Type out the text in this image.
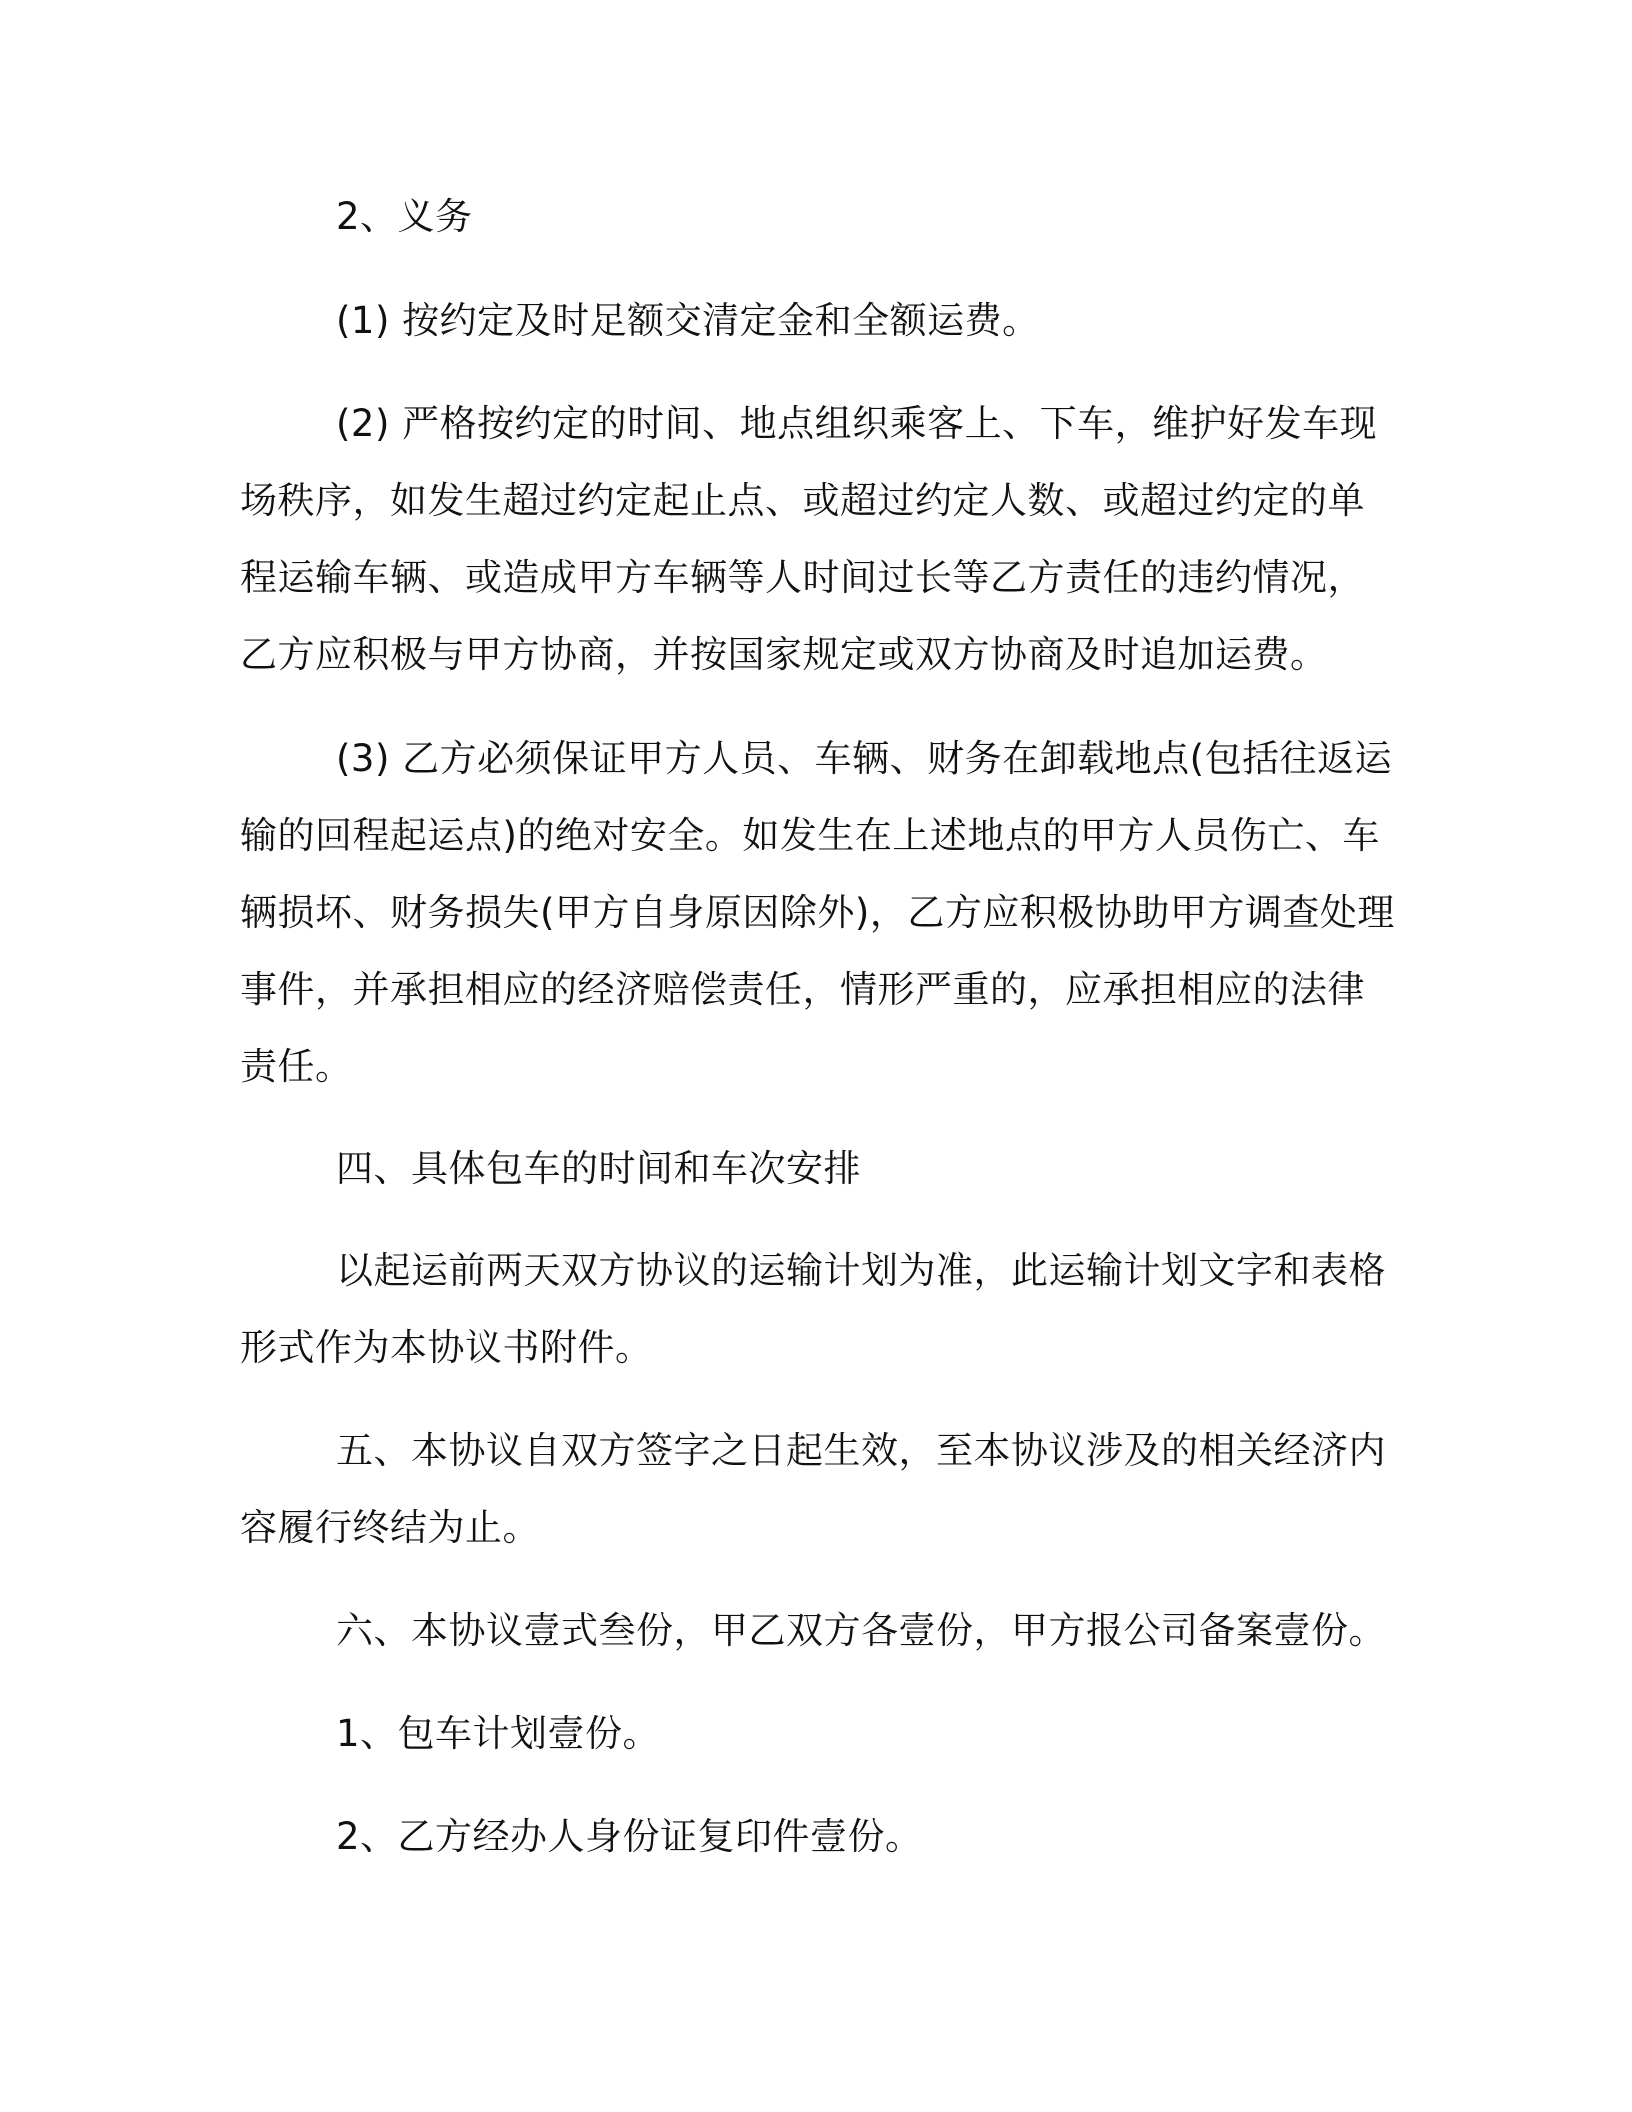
2、义务
(1) 按约定及时足额交清定金和全额运费。
(2) 严格按约定的时间、地点组织乘客上、下车，维护好发车现
场秩序，如发生超过约定起止点、或超过约定人数、或超过约定的单
程运输车辆、或造成甲方车辆等人时间过长等乙方责任的违约情况，
乙方应积极与甲方协商，并按国家规定或双方协商及时追加运费。
(3) 乙方必须保证甲方人员、车辆、财务在卸载地点(包括往返运
输的回程起运点)的绝对安全。如发生在上述地点的甲方人员伤亡、车
辆损坏、财务损失(甲方自身原因除外)，乙方应积极协助甲方调查处理
事件，并承担相应的经济赔偿责任，情形严重的，应承担相应的法律
责任。
四、具体包车的时间和车次安排
以起运前两天双方协议的运输计划为准，此运输计划文字和表格
形式作为本协议书附件。
五、本协议自双方签字之日起生效，至本协议涉及的相关经济内
容履行终结为止。
六、本协议壹式叁份，甲乙双方各壹份，甲方报公司备案壹份。
1、包车计划壹份。
2、乙方经办人身份证复印件壹份。
